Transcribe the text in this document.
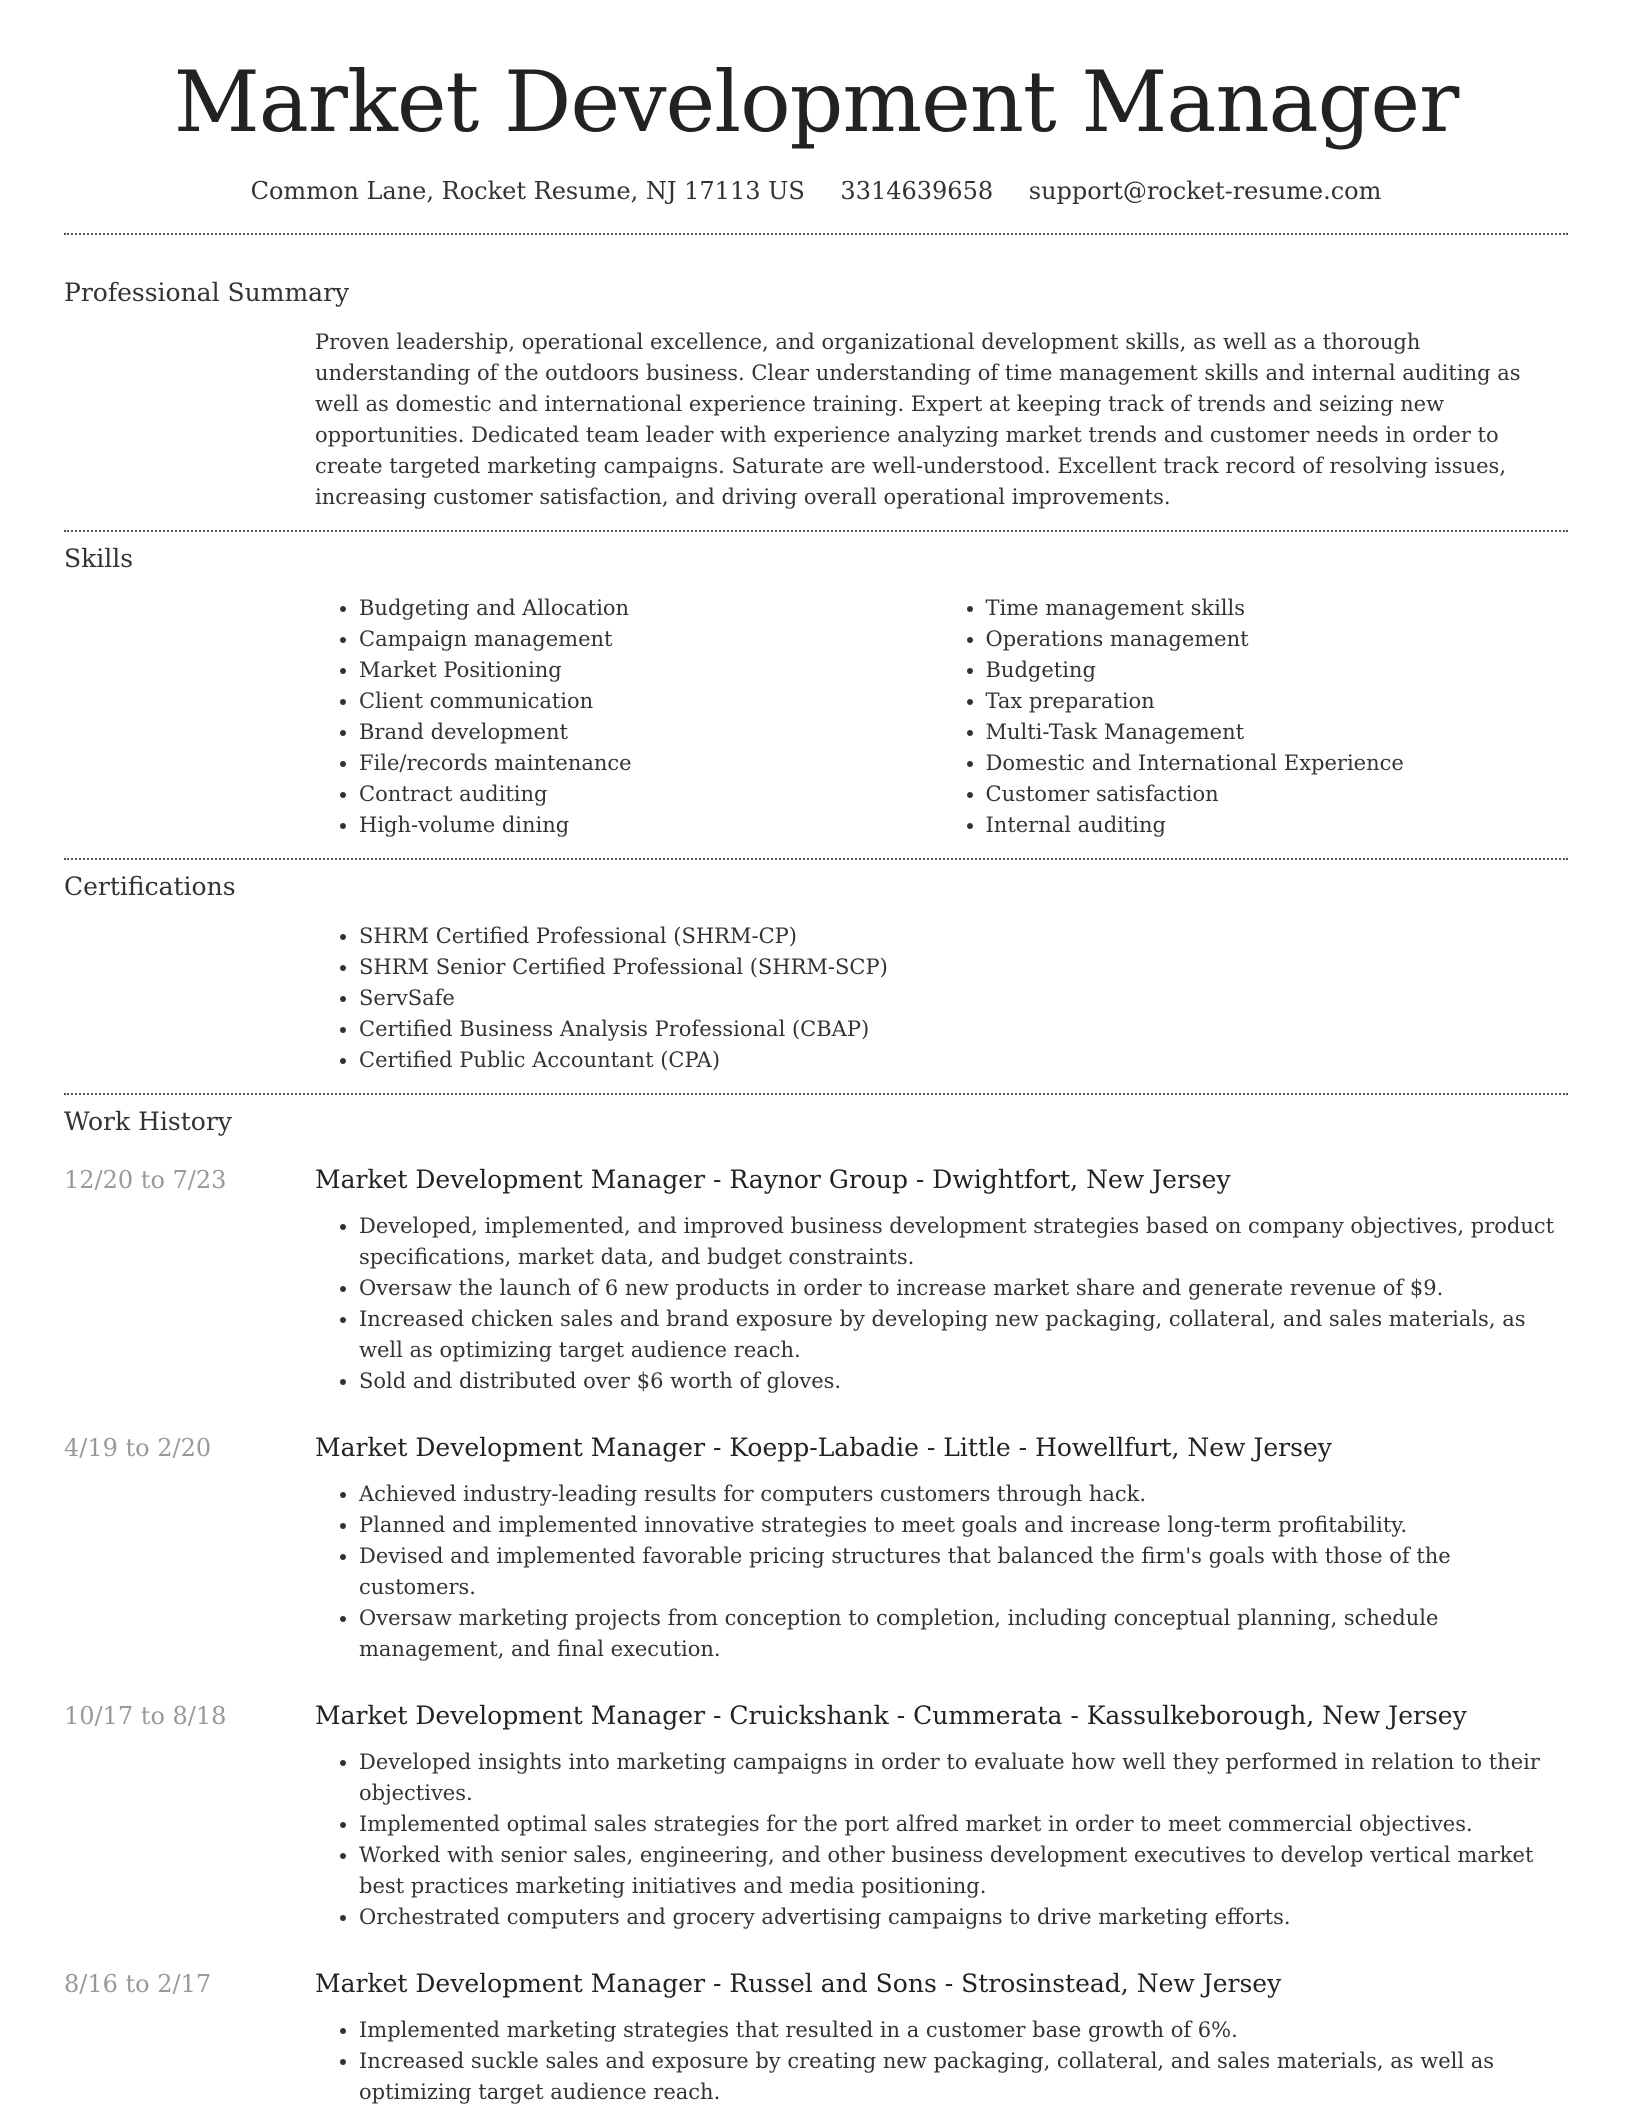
Market Development Manager
Common Lane, Rocket Resume, NJ 17113 US 3314639658 support@rocket-resume.com
Professional Summary
Proven leadership, operational excellence, and organizational development skills, as well as a thorough understanding of the outdoors business. Clear understanding of time management skills and internal auditing as well as domestic and international experience training. Expert at keeping track of trends and seizing new opportunities. Dedicated team leader with experience analyzing market trends and customer needs in order to create targeted marketing campaigns. Saturate are well-understood. Excellent track record of resolving issues, increasing customer satisfaction, and driving overall operational improvements.
Skills
• Budgeting and Allocation
• Campaign management
• Market Positioning
• Client communication
• Brand development
• File/records maintenance
• Contract auditing
• High-volume dining
• Time management skills
• Operations management
• Budgeting
• Tax preparation
• Multi-Task Management
• Domestic and International Experience
• Customer satisfaction
• Internal auditing
Certifications
• SHRM Certified Professional (SHRM-CP)
• SHRM Senior Certified Professional (SHRM-SCP)
• ServSafe
• Certified Business Analysis Professional (CBAP)
• Certified Public Accountant (CPA)
Work History
12/20 to 7/23	Market Development Manager - Raynor Group - Dwightfort, New Jersey
• Developed, implemented, and improved business development strategies based on company objectives, product specifications, market data, and budget constraints.
• Oversaw the launch of 6 new products in order to increase market share and generate revenue of $9.
• Increased chicken sales and brand exposure by developing new packaging, collateral, and sales materials, as well as optimizing target audience reach.
• Sold and distributed over $6 worth of gloves.
4/19 to 2/20	Market Development Manager - Koepp-Labadie - Little - Howellfurt, New Jersey
• Achieved industry-leading results for computers customers through hack.
• Planned and implemented innovative strategies to meet goals and increase long-term profitability.
• Devised and implemented favorable pricing structures that balanced the firm's goals with those of the customers.
• Oversaw marketing projects from conception to completion, including conceptual planning, schedule management, and final execution.
10/17 to 8/18	Market Development Manager - Cruickshank - Cummerata - Kassulkeborough, New Jersey
• Developed insights into marketing campaigns in order to evaluate how well they performed in relation to their objectives.
• Implemented optimal sales strategies for the port alfred market in order to meet commercial objectives.
• Worked with senior sales, engineering, and other business development executives to develop vertical market best practices marketing initiatives and media positioning.
• Orchestrated computers and grocery advertising campaigns to drive marketing efforts.
8/16 to 2/17	Market Development Manager - Russel and Sons - Strosinstead, New Jersey
• Implemented marketing strategies that resulted in a customer base growth of 6%.
• Increased suckle sales and exposure by creating new packaging, collateral, and sales materials, as well as optimizing target audience reach.
